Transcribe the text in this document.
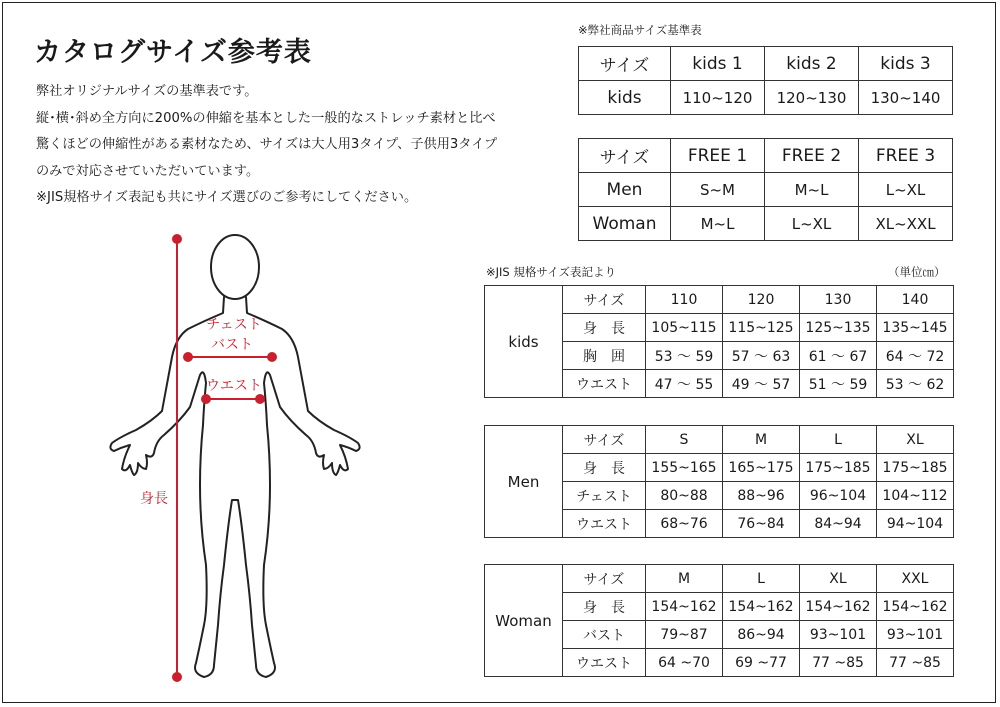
カタログサイズ参考表
弊社オリジナルサイズの基準表です。
縦･横･斜め全方向に200%の伸縮を基本とした一般的なストレッチ素材と比べ
驚くほどの伸縮性がある素材なため、サイズは大人用3タイプ、子供用3タイプ
のみで対応させていただいています。
※JIS規格サイズ表記も共にサイズ選びのご参考にしてください。
チェスト
バスト
ウエスト
身長
※弊社商品サイズ基準表
サイズ	kids 1	kids 2	kids 3
kids	110~120	120~130	130~140
サイズ	FREE 1	FREE 2	FREE 3
Men	S~M	M~L	L~XL
Woman	M~L	L~XL	XL~XXL
※JIS 規格サイズ表記より	（単位㎝）
kids	サイズ	110	120	130	140
	身　長	105~115	115~125	125~135	135~145
	胸　囲	53 ～ 59	57 ～ 63	61 ～ 67	64 ～ 72
	ウエスト	47 ～ 55	49 ～ 57	51 ～ 59	53 ～ 62
Men	サイズ	S	M	L	XL
	身　長	155~165	165~175	175~185	175~185
	チェスト	80~88	88~96	96~104	104~112
	ウエスト	68~76	76~84	84~94	94~104
Woman	サイズ	M	L	XL	XXL
	身　長	154~162	154~162	154~162	154~162
	バスト	79~87	86~94	93~101	93~101
	ウエスト	64 ~70	69 ~77	77 ~85	77 ~85
